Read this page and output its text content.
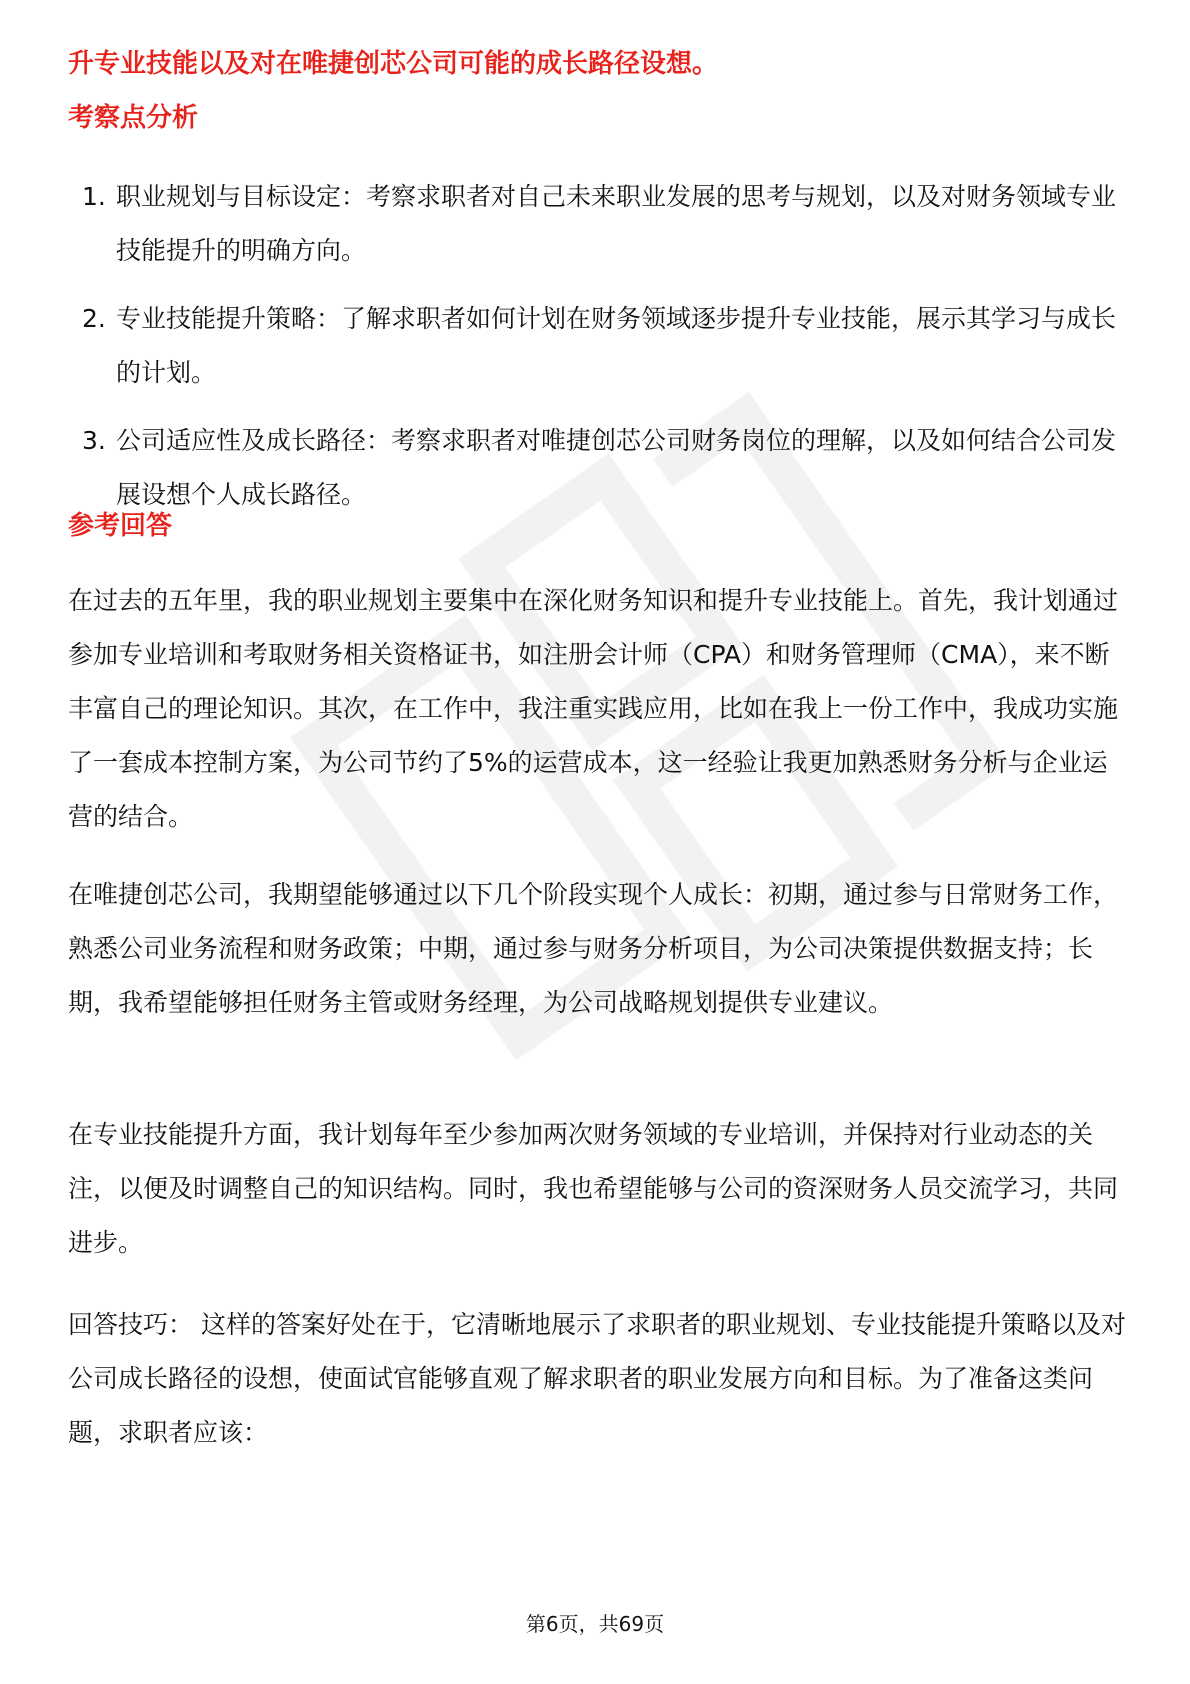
升专业技能以及对在唯捷创芯公司可能的成长路径设想。
考察点分析
1. 职业规划与目标设定：考察求职者对自己未来职业发展的思考与规划，以及对财务领域专业技能提升的明确方向。
2. 专业技能提升策略：了解求职者如何计划在财务领域逐步提升专业技能，展示其学习与成长的计划。
3. 公司适应性及成长路径：考察求职者对唯捷创芯公司财务岗位的理解，以及如何结合公司发展设想个人成长路径。
参考回答
在过去的五年里，我的职业规划主要集中在深化财务知识和提升专业技能上。首先，我计划通过参加专业培训和考取财务相关资格证书，如注册会计师（CPA）和财务管理师（CMA），来不断丰富自己的理论知识。其次，在工作中，我注重实践应用，比如在我上一份工作中，我成功实施了一套成本控制方案，为公司节约了5%的运营成本，这一经验让我更加熟悉财务分析与企业运营的结合。
在唯捷创芯公司，我期望能够通过以下几个阶段实现个人成长：初期，通过参与日常财务工作，熟悉公司业务流程和财务政策；中期，通过参与财务分析项目，为公司决策提供数据支持；长期，我希望能够担任财务主管或财务经理，为公司战略规划提供专业建议。
在专业技能提升方面，我计划每年至少参加两次财务领域的专业培训，并保持对行业动态的关注，以便及时调整自己的知识结构。同时，我也希望能够与公司的资深财务人员交流学习，共同进步。
回答技巧： 这样的答案好处在于，它清晰地展示了求职者的职业规划、专业技能提升策略以及对公司成长路径的设想，使面试官能够直观了解求职者的职业发展方向和目标。为了准备这类问题，求职者应该：
第6页，共69页
